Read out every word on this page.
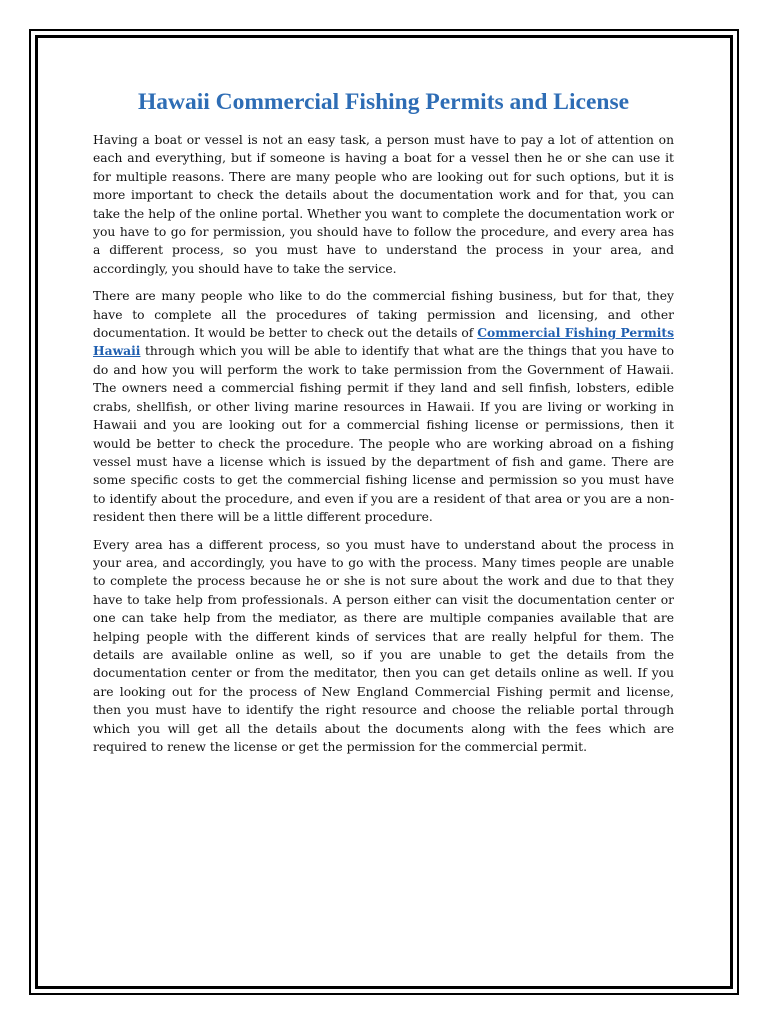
Hawaii Commercial Fishing Permits and License

Having a boat or vessel is not an easy task, a person must have to pay a lot of attention on each and everything, but if someone is having a boat for a vessel then he or she can use it for multiple reasons. There are many people who are looking out for such options, but it is more important to check the details about the documentation work and for that, you can take the help of the online portal. Whether you want to complete the documentation work or you have to go for permission, you should have to follow the procedure, and every area has a different process, so you must have to understand the process in your area, and accordingly, you should have to take the service.

There are many people who like to do the commercial fishing business, but for that, they have to complete all the procedures of taking permission and licensing, and other documentation. It would be better to check out the details of Commercial Fishing Permits Hawaii through which you will be able to identify that what are the things that you have to do and how you will perform the work to take permission from the Government of Hawaii. The owners need a commercial fishing permit if they land and sell finfish, lobsters, edible crabs, shellfish, or other living marine resources in Hawaii. If you are living or working in Hawaii and you are looking out for a commercial fishing license or permissions, then it would be better to check the procedure. The people who are working abroad on a fishing vessel must have a license which is issued by the department of fish and game. There are some specific costs to get the commercial fishing license and permission so you must have to identify about the procedure, and even if you are a resident of that area or you are a non-resident then there will be a little different procedure.

Every area has a different process, so you must have to understand about the process in your area, and accordingly, you have to go with the process. Many times people are unable to complete the process because he or she is not sure about the work and due to that they have to take help from professionals. A person either can visit the documentation center or one can take help from the mediator, as there are multiple companies available that are helping people with the different kinds of services that are really helpful for them. The details are available online as well, so if you are unable to get the details from the documentation center or from the meditator, then you can get details online as well. If you are looking out for the process of New England Commercial Fishing permit and license, then you must have to identify the right resource and choose the reliable portal through which you will get all the details about the documents along with the fees which are required to renew the license or get the permission for the commercial permit.
